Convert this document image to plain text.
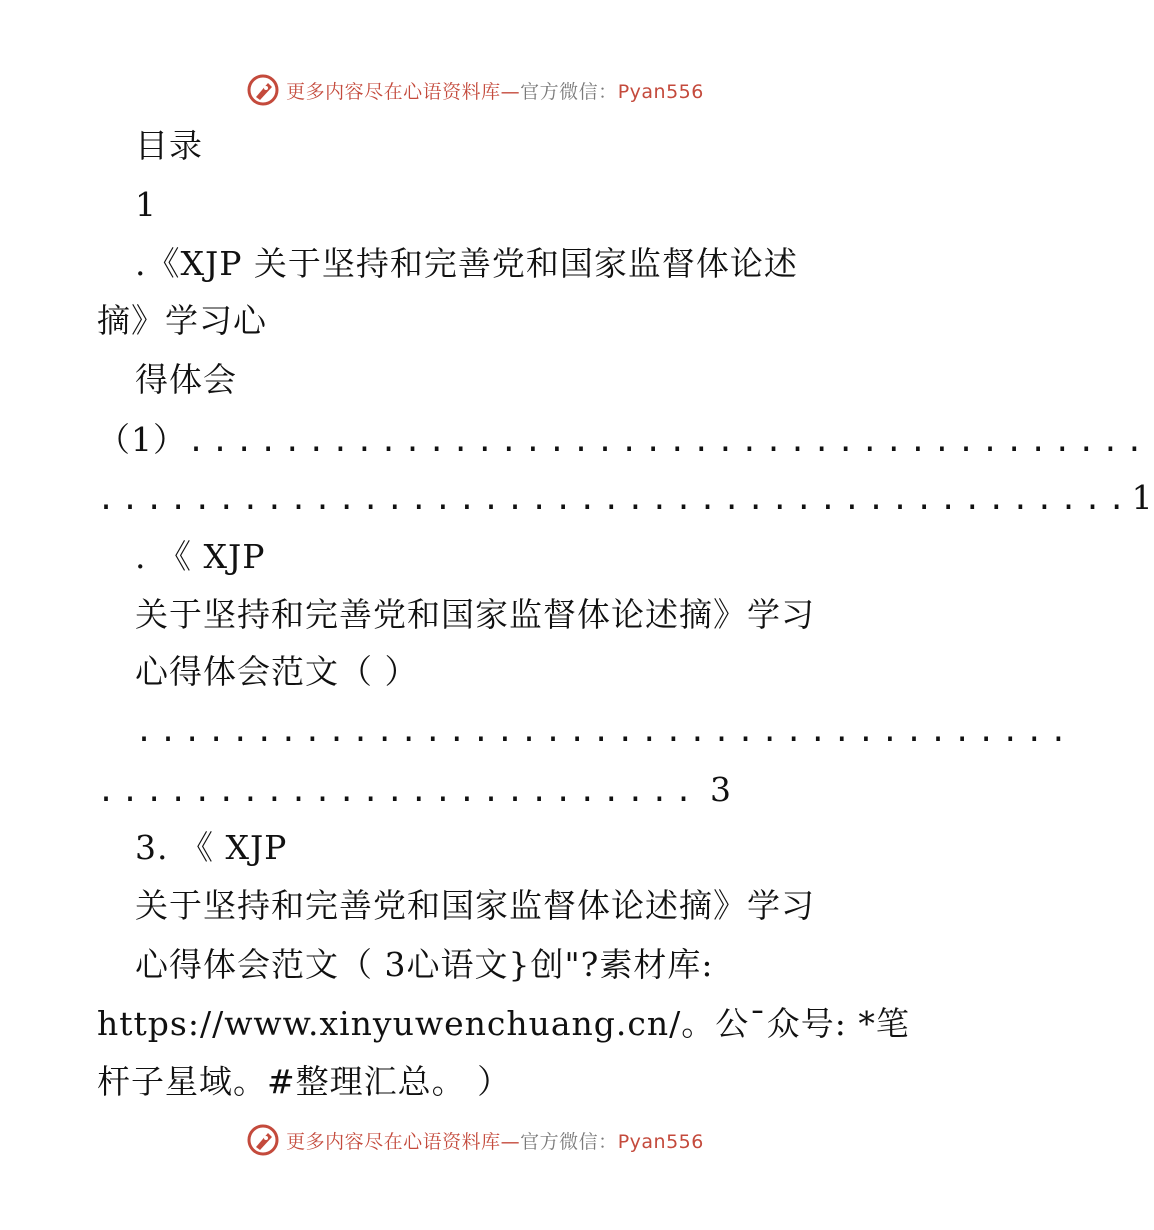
更多内容尽在心语资料库—官方微信：Pyan556
目录
1
.《XJP 关于坚持和完善党和国家监督体论述
摘》学习心
得体会
（1）........................................
...........................................1
. 《 XJP
关于坚持和完善党和国家监督体论述摘》学习
心得体会范文（ ）
.......................................
......................... 3
3. 《 XJP
关于坚持和完善党和国家监督体论述摘》学习
心得体会范文（ 3心语文}创"?素材库:
https://www.xinyuwenchuang.cn/。公¯众号: *笔
杆子星域。#整理汇总。 ）
更多内容尽在心语资料库—官方微信：Pyan556
